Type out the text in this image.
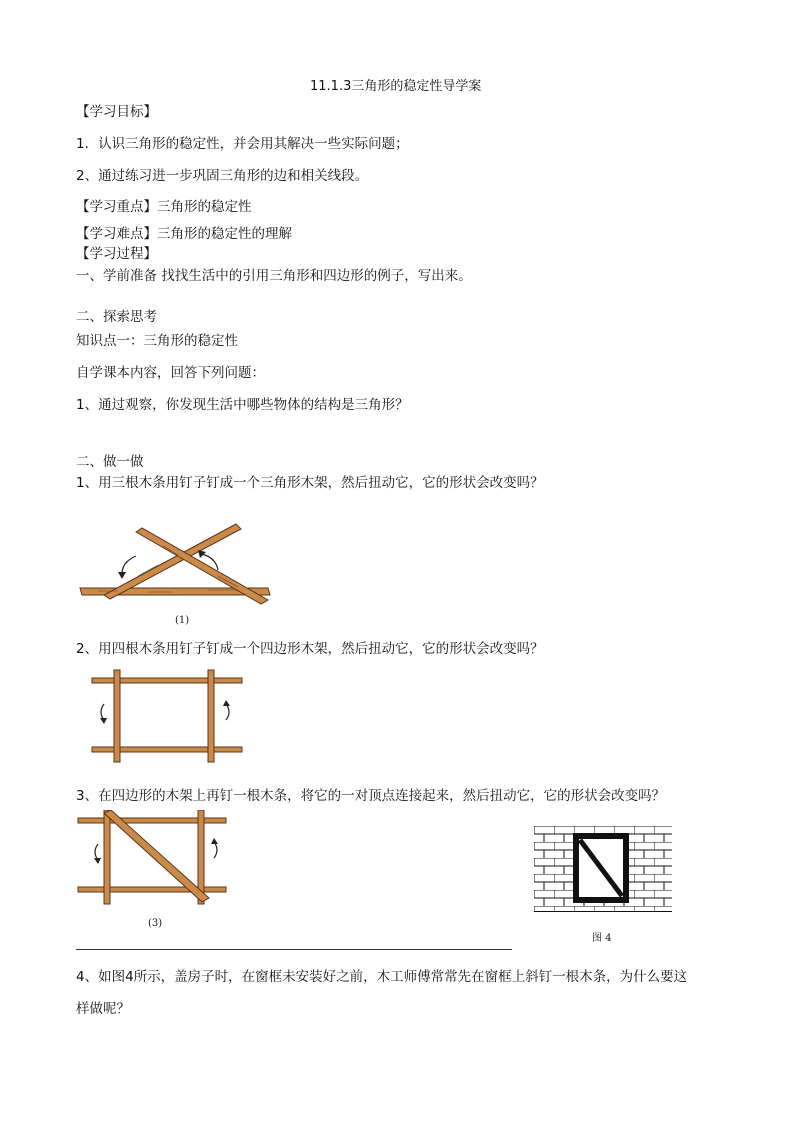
11.1.3三角形的稳定性导学案
【学习目标】
1．认识三角形的稳定性，并会用其解决一些实际问题；
2、通过练习进一步巩固三角形的边和相关线段。
【学习重点】三角形的稳定性
【学习难点】三角形的稳定性的理解
【学习过程】
一、学前准备 找找生活中的引用三角形和四边形的例子，写出来。
二、探索思考
知识点一：三角形的稳定性
自学课本内容，回答下列问题：
1、通过观察，你发现生活中哪些物体的结构是三角形？
二、做一做
1、用三根木条用钉子钉成一个三角形木架，然后扭动它，它的形状会改变吗？
(1)
2、用四根木条用钉子钉成一个四边形木架，然后扭动它，它的形状会改变吗？
3、在四边形的木架上再钉一根木条，将它的一对顶点连接起来，然后扭动它，它的形状会改变吗？
(3)
图 4
4、如图4所示，盖房子时，在窗框未安装好之前，木工师傅常常先在窗框上斜钉一根木条，为什么要这
样做呢？
